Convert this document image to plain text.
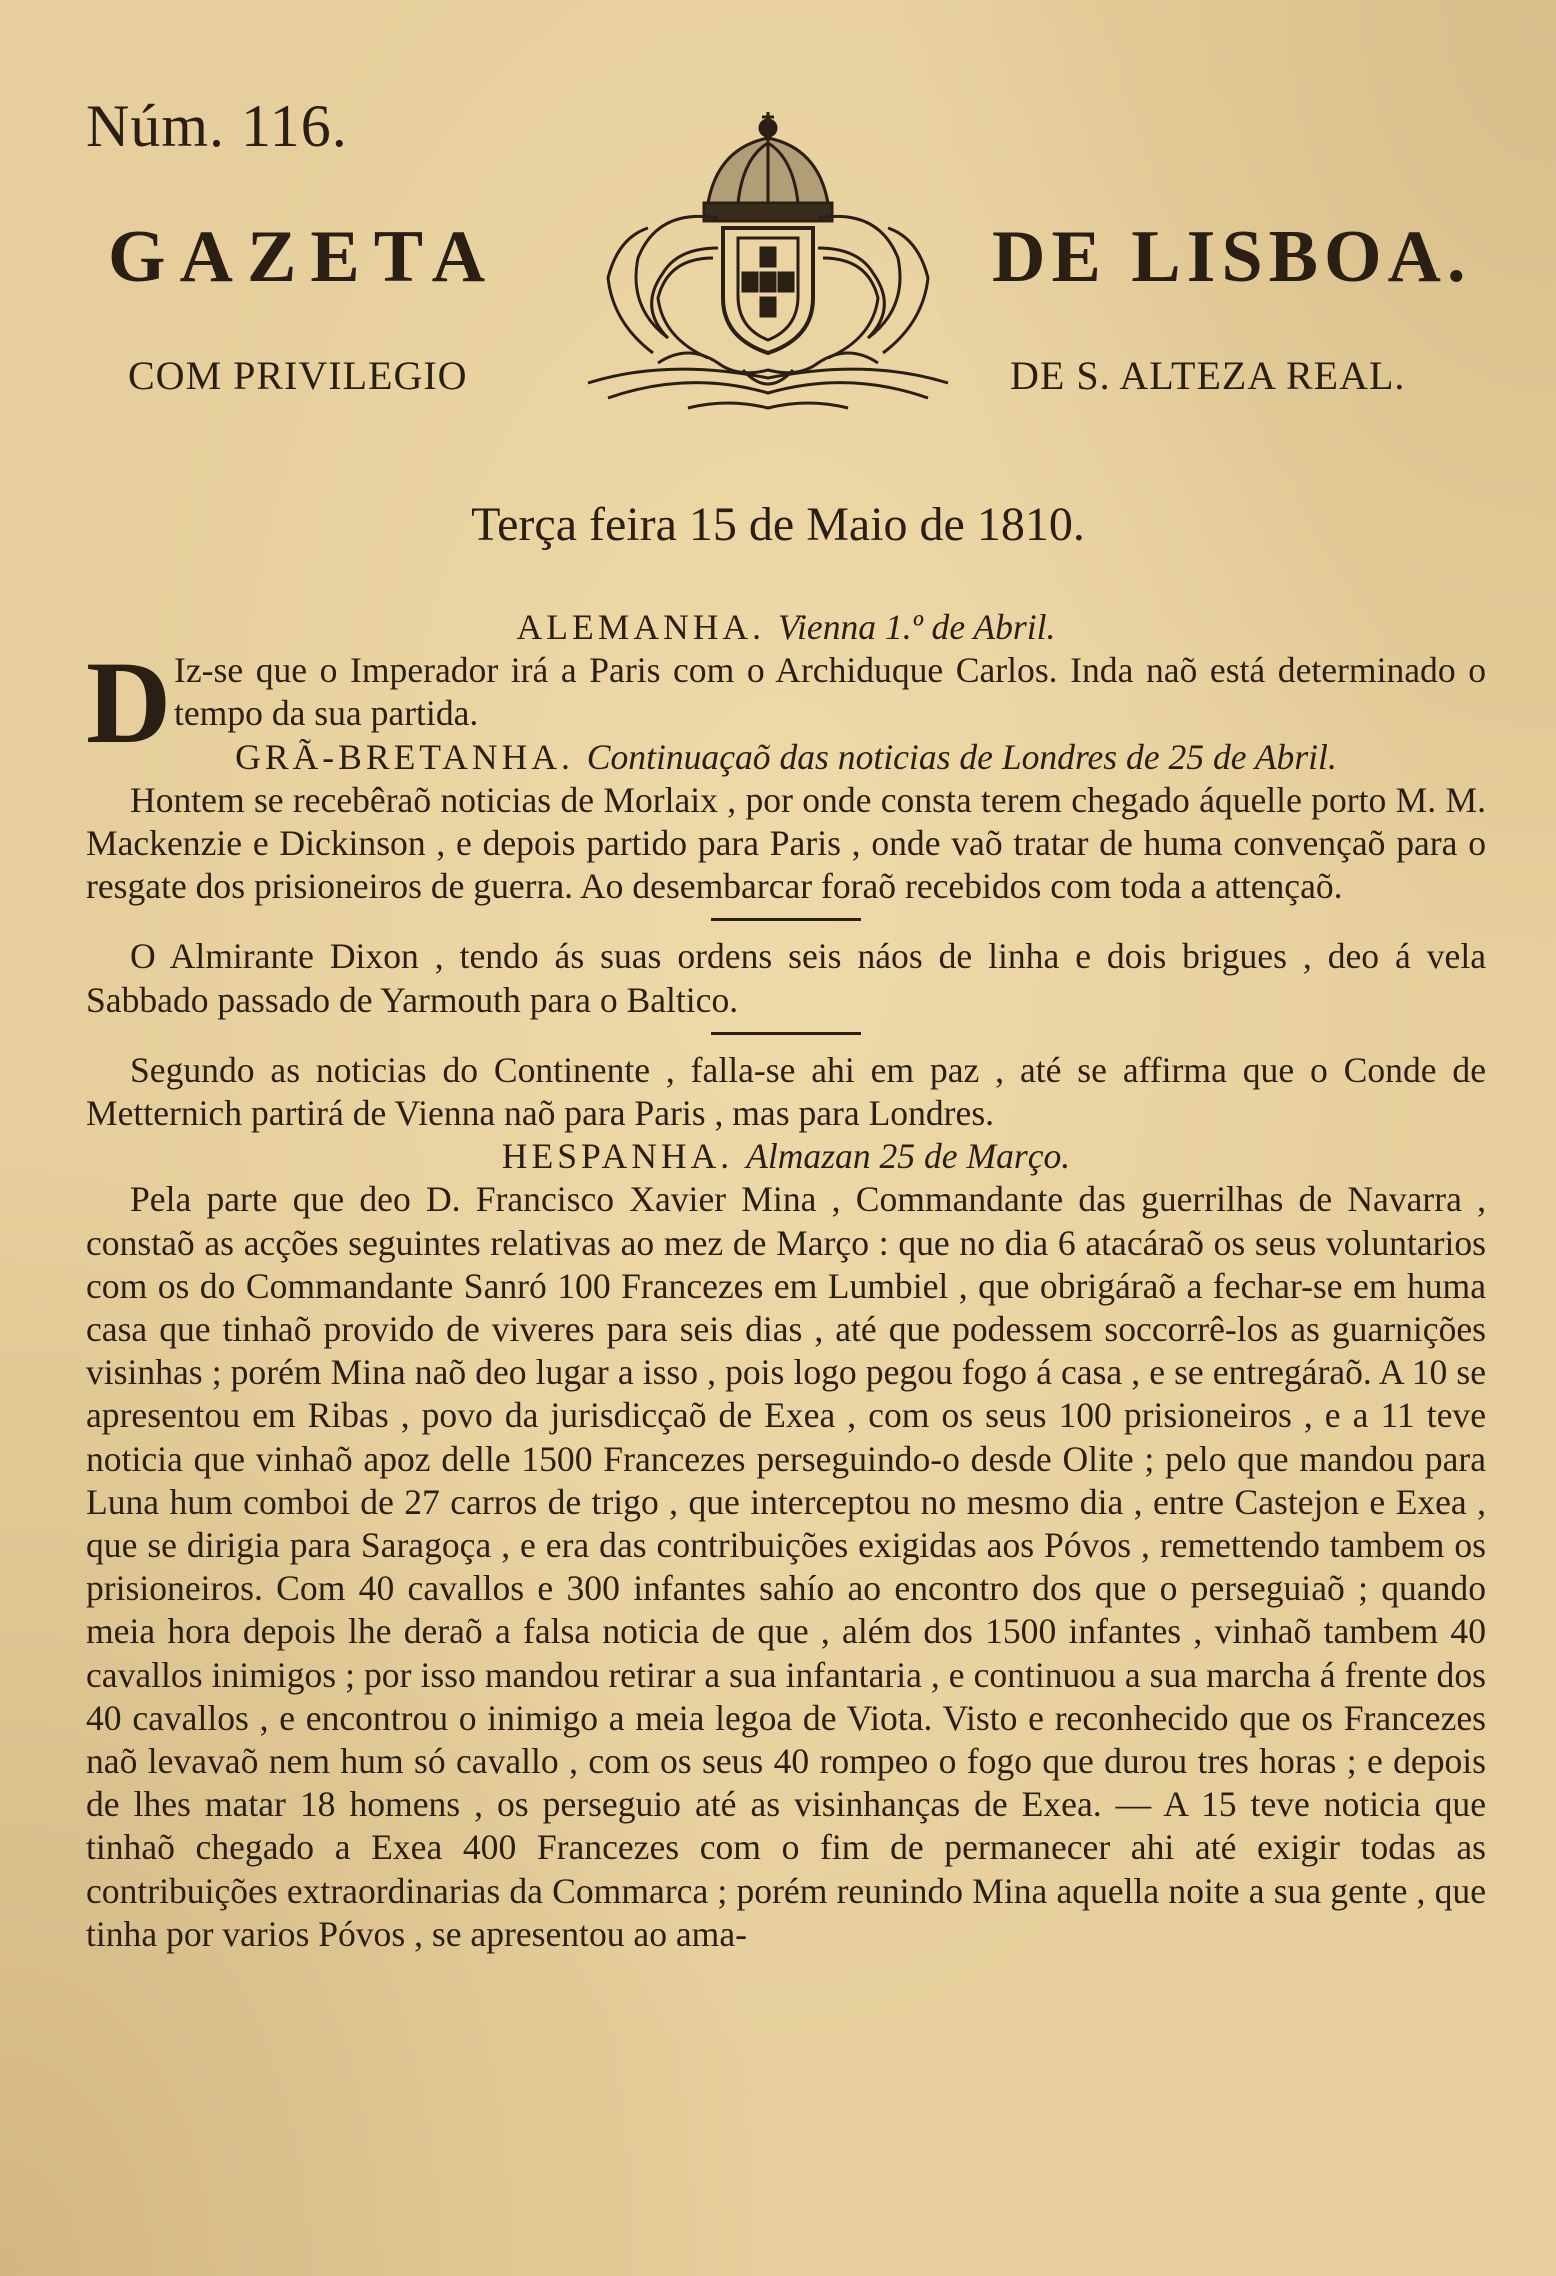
Núm. 116.
GAZETA	DE LISBOA.
COM PRIVILEGIO	DE S. ALTEZA REAL.
Terça feira 15 de Maio de 1810.

ALEMANHA. Vienna 1.º de Abril.

D Iz-se que o Imperador irá a Paris com o Archiduque Carlos. Inda naõ está determinado o tempo da sua partida.

GRÃ-BRETANHA. Continuaçaõ das noticias de Londres de 25 de Abril.

Hontem se recebêraõ noticias de Morlaix , por onde consta terem chegado áquelle porto M. M. Mackenzie e Dickinson , e depois partido para Paris , onde vaõ tratar de huma convençaõ para o resgate dos prisioneiros de guerra. Ao desembarcar foraõ recebidos com toda a attençaõ.

O Almirante Dixon , tendo ás suas ordens seis náos de linha e dois brigues , deo á vela Sabbado passado de Yarmouth para o Baltico.

Segundo as noticias do Continente , falla-se ahi em paz , até se affirma que o Conde de Metternich partirá de Vienna naõ para Paris , mas para Londres.

HESPANHA. Almazan 25 de Março.

Pela parte que deo D. Francisco Xavier Mina , Commandante das guerrilhas de Navarra , constaõ as acções seguintes relativas ao mez de Março : que no dia 6 atacáraõ os seus voluntarios com os do Commandante Sanró 100 Francezes em Lumbiel , que obrigáraõ a fechar-se em huma casa que tinhaõ provido de viveres para seis dias , até que podessem soccorrê-los as guarnições visinhas ; porém Mina naõ deo lugar a isso , pois logo pegou fogo á casa , e se entregáraõ. A 10 se apresentou em Ribas , povo da jurisdicçaõ de Exea , com os seus 100 prisioneiros , e a 11 teve noticia que vinhaõ apoz delle 1500 Francezes perseguindo-o desde Olite ; pelo que mandou para Luna hum comboi de 27 carros de trigo , que interceptou no mesmo dia , entre Castejon e Exea , que se dirigia para Saragoça , e era das contribuições exigidas aos Póvos , remettendo tambem os prisioneiros. Com 40 cavallos e 300 infantes sahío ao encontro dos que o perseguiaõ ; quando meia hora depois lhe deraõ a falsa noticia de que , além dos 1500 infantes , vinhaõ tambem 40 cavallos inimigos ; por isso mandou retirar a sua infantaria , e continuou a sua marcha á frente dos 40 cavallos , e encontrou o inimigo a meia legoa de Viota. Visto e reconhecido que os Francezes naõ levavaõ nem hum só cavallo , com os seus 40 rompeo o fogo que durou tres horas ; e depois de lhes matar 18 homens , os perseguio até as visinhanças de Exea. — A 15 teve noticia que tinhaõ chegado a Exea 400 Francezes com o fim de permanecer ahi até exigir todas as contribuições extraordinarias da Commarca ; porém reunindo Mina aquella noite a sua gente , que tinha por varios Póvos , se apresentou ao ama-
